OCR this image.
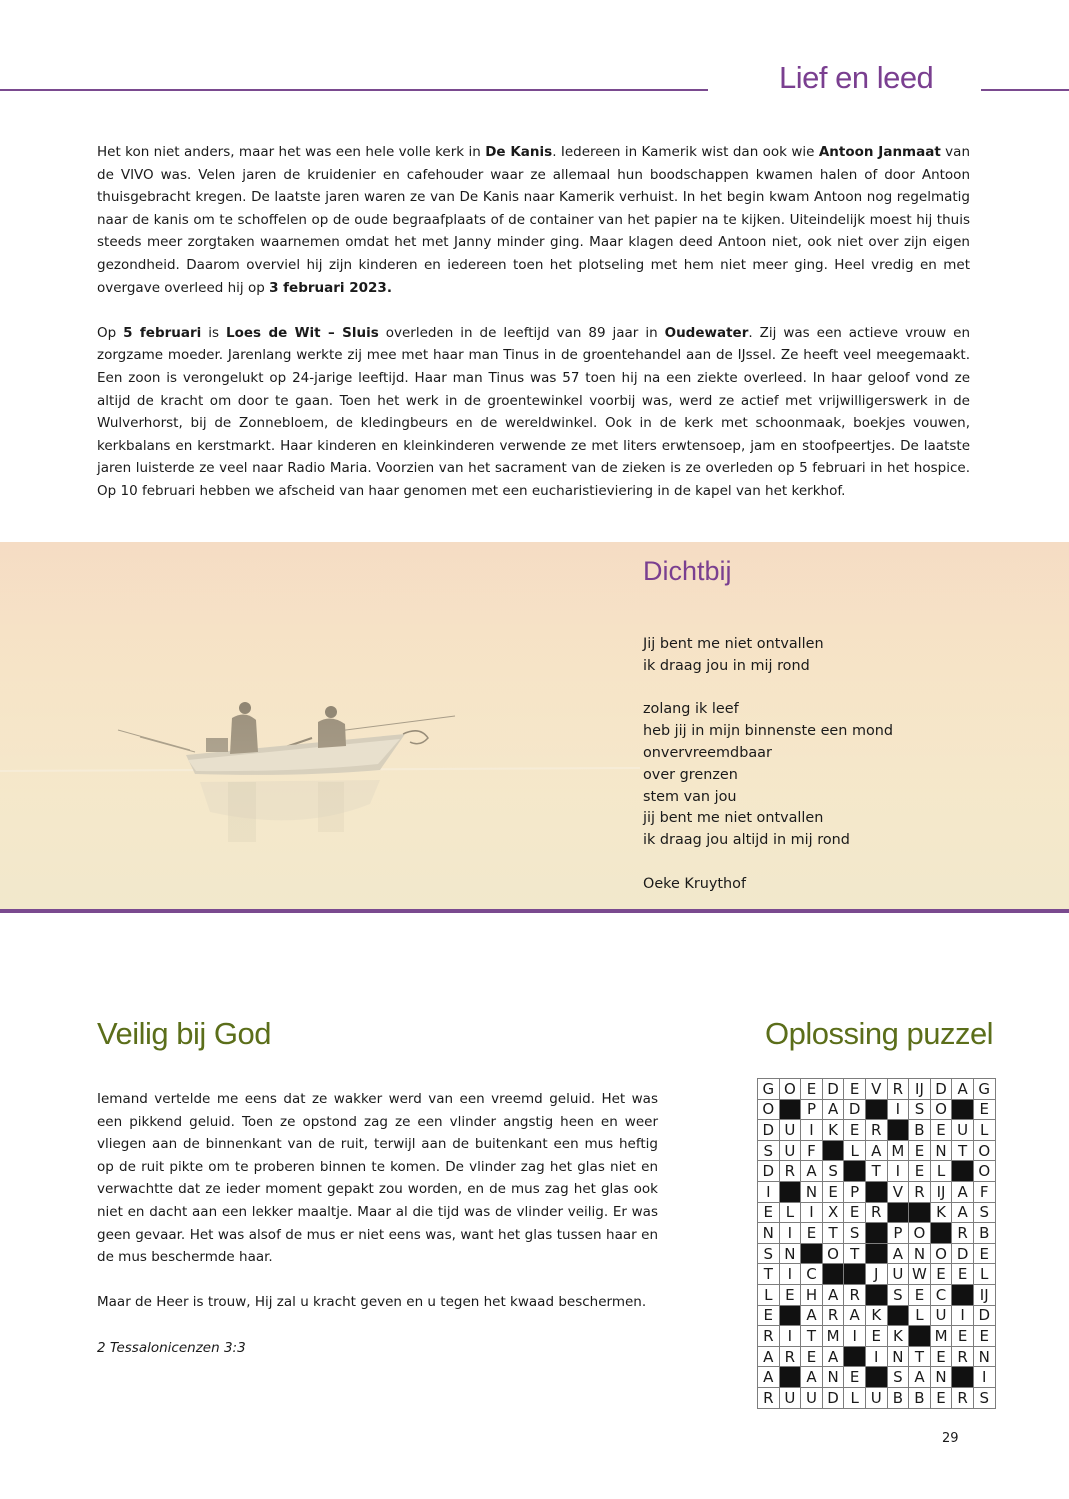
Lief en leed

Het kon niet anders, maar het was een hele volle kerk in De Kanis. Iedereen in Kamerik wist dan ook wie Antoon Janmaat van de VIVO was. Velen jaren de kruidenier en cafehouder waar ze allemaal hun boodschappen kwamen halen of door Antoon thuisgebracht kregen. De laatste jaren waren ze van De Kanis naar Kamerik verhuist. In het begin kwam Antoon nog regelmatig naar de kanis om te schoffelen op de oude begraafplaats of de container van het papier na te kijken. Uiteindelijk moest hij thuis steeds meer zorgtaken waarnemen omdat het met Janny minder ging. Maar klagen deed Antoon niet, ook niet over zijn eigen gezondheid. Daarom overviel hij zijn kinderen en iedereen toen het plotseling met hem niet meer ging. Heel vredig en met overgave overleed hij op 3 februari 2023.

Op 5 februari is Loes de Wit – Sluis overleden in de leeftijd van 89 jaar in Oudewater. Zij was een actieve vrouw en zorgzame moeder. Jarenlang werkte zij mee met haar man Tinus in de groentehandel aan de IJssel. Ze heeft veel meegemaakt. Een zoon is verongelukt op 24-jarige leeftijd. Haar man Tinus was 57 toen hij na een ziekte overleed. In haar geloof vond ze altijd de kracht om door te gaan. Toen het werk in de groentewinkel voorbij was, werd ze actief met vrijwilligerswerk in de Wulverhorst, bij de Zonnebloem, de kledingbeurs en de wereldwinkel. Ook in de kerk met schoonmaak, boekjes vouwen, kerkbalans en kerstmarkt. Haar kinderen en kleinkinderen verwende ze met liters erwtensoep, jam en stoofpeertjes. De laatste jaren luisterde ze veel naar Radio Maria. Voorzien van het sacrament van de zieken is ze overleden op 5 februari in het hospice. Op 10 februari hebben we afscheid van haar genomen met een eucharistieviering in de kapel van het kerkhof.

Dichtbij
Jij bent me niet ontvallen
ik draag jou in mij rond
zolang ik leef
heb jij in mijn binnenste een mond
onvervreemdbaar
over grenzen
stem van jou
jij bent me niet ontvallen
ik draag jou altijd in mij rond
Oeke Kruythof
Veilig bij God

Iemand vertelde me eens dat ze wakker werd van een vreemd geluid. Het was een pikkend geluid. Toen ze opstond zag ze een vlinder angstig heen en weer vliegen aan de binnenkant van de ruit, terwijl aan de buitenkant een mus heftig op de ruit pikte om te proberen binnen te komen. De vlinder zag het glas niet en verwachtte dat ze ieder moment gepakt zou worden, en de mus zag het glas ook niet en dacht aan een lekker maaltje. Maar al die tijd was de vlinder veilig. Er was geen gevaar. Het was alsof de mus er niet eens was, want het glas tussen haar en de mus beschermde haar.

Maar de Heer is trouw, Hij zal u kracht geven en u tegen het kwaad beschermen.

2 Tessalonicenzen 3:3

Oplossing puzzel
G	O	E	D	E	V	R	IJ	D	A	G
O		P	A	D		I	S	O		E
D	U	I	K	E	R		B	E	U	L
S	U	F		L	A	M	E	N	T	O
D	R	A	S		T	I	E	L		O
I		N	E	P		V	R	IJ	A	F
E	L	I	X	E	R			K	A	S
N	I	E	T	S		P	O		R	B
S	N		O	T		A	N	O	D	E
T	I	C			J	U	W	E	E	L
L	E	H	A	R		S	E	C		IJ
E		A	R	A	K		L	U	I	D
R	I	T	M	I	E	K		M	E	E
A	R	E	A		I	N	T	E	R	N
A		A	N	E		S	A	N		I
R	U	U	D	L	U	B	B	E	R	S
29
